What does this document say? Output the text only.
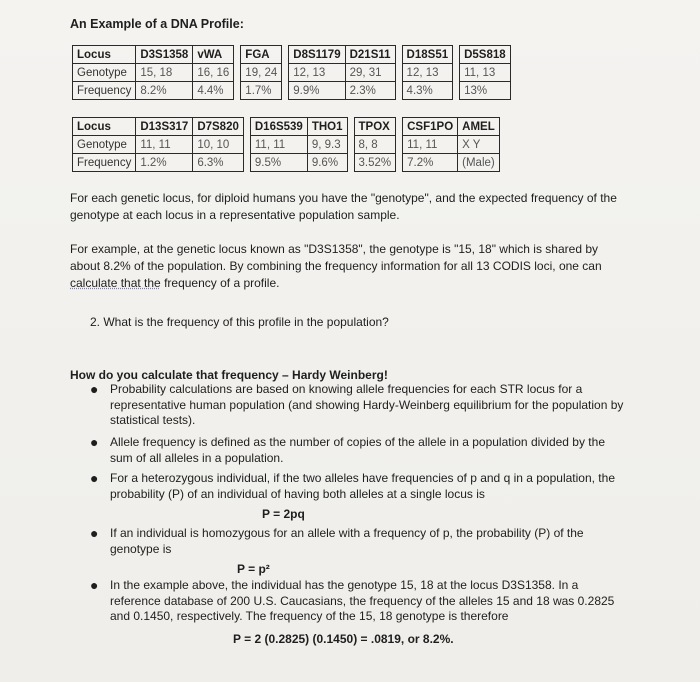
An Example of a DNA Profile:
Locus	D3S1358	vWA		FGA		D8S1179	D21S11		D18S51		D5S818
Genotype	15, 18	16, 16		19, 24		12, 13	29, 31		12, 13		11, 13
Frequency	8.2%	4.4%		1.7%		9.9%	2.3%		4.3%		13%
Locus	D13S317	D7S820		D16S539	THO1		TPOX		CSF1PO	AMEL
Genotype	11, 11	10, 10		11, 11	9, 9.3		8, 8		11, 11	X Y
Frequency	1.2%	6.3%		9.5%	9.6%		3.52%		7.2%	(Male)

For each genetic locus, for diploid humans you have the "genotype", and the expected frequency of the genotype at each locus in a representative population sample.

For example, at the genetic locus known as "D3S1358", the genotype is "15, 18" which is shared by about 8.2% of the population. By combining the frequency information for all 13 CODIS loci, one can calculate that the frequency of a profile.

2. What is the frequency of this profile in the population?
How do you calculate that frequency – Hardy Weinberg!
● Probability calculations are based on knowing allele frequencies for each STR locus for a representative human population (and showing Hardy-Weinberg equilibrium for the population by statistical tests).
● Allele frequency is defined as the number of copies of the allele in a population divided by the sum of all alleles in a population.
● For a heterozygous individual, if the two alleles have frequencies of p and q in a population, the probability (P) of an individual of having both alleles at a single locus is
P = 2pq
● If an individual is homozygous for an allele with a frequency of p, the probability (P) of the genotype is
P = p²
● In the example above, the individual has the genotype 15, 18 at the locus D3S1358. In a reference database of 200 U.S. Caucasians, the frequency of the alleles 15 and 18 was 0.2825 and 0.1450, respectively. The frequency of the 15, 18 genotype is therefore
P = 2 (0.2825) (0.1450) = .0819, or 8.2%.
